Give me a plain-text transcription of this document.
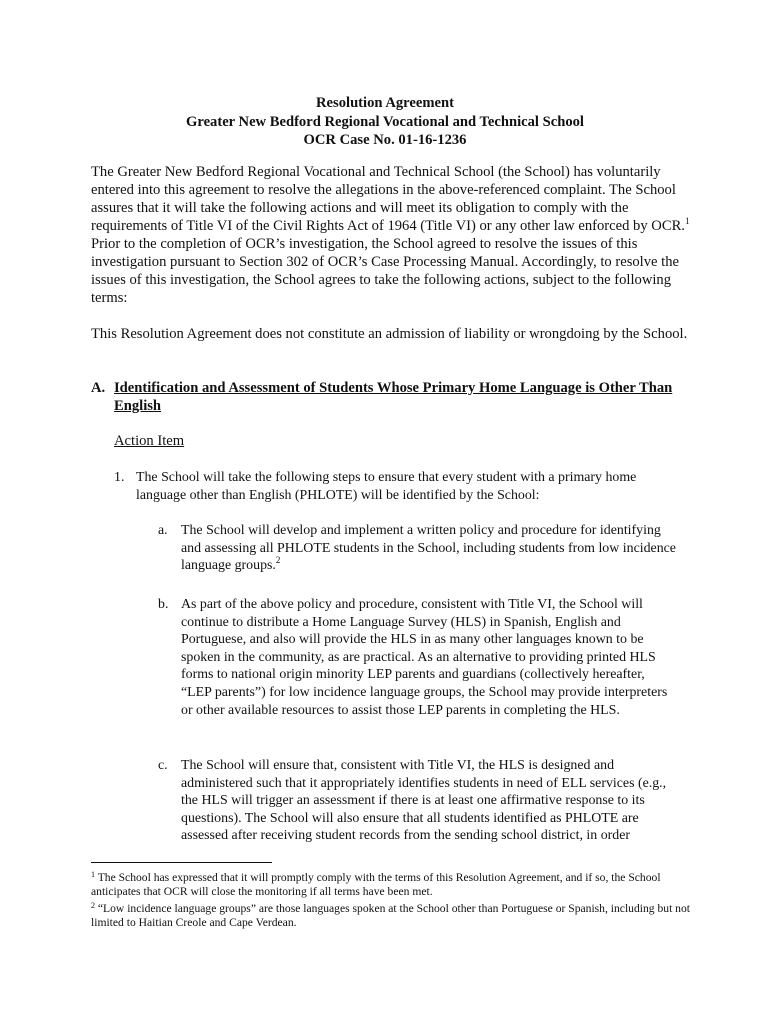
Resolution Agreement
Greater New Bedford Regional Vocational and Technical School
OCR Case No. 01-16-1236
The Greater New Bedford Regional Vocational and Technical School (the School) has voluntarily entered into this agreement to resolve the allegations in the above-referenced complaint. The School assures that it will take the following actions and will meet its obligation to comply with the requirements of Title VI of the Civil Rights Act of 1964 (Title VI) or any other law enforced by OCR.$^1$ Prior to the completion of OCR’s investigation, the School agreed to resolve the issues of this investigation pursuant to Section 302 of OCR’s Case Processing Manual. Accordingly, to resolve the issues of this investigation, the School agrees to take the following actions, subject to the following terms:
This Resolution Agreement does not constitute an admission of liability or wrongdoing by the School.
A. Identification and Assessment of Students Whose Primary Home Language is Other Than English
Action Item
1. The School will take the following steps to ensure that every student with a primary home language other than English (PHLOTE) will be identified by the School:
a. The School will develop and implement a written policy and procedure for identifying and assessing all PHLOTE students in the School, including students from low incidence language groups.$^2$
b. As part of the above policy and procedure, consistent with Title VI, the School will continue to distribute a Home Language Survey (HLS) in Spanish, English and Portuguese, and also will provide the HLS in as many other languages known to be spoken in the community, as are practical. As an alternative to providing printed HLS forms to national origin minority LEP parents and guardians (collectively hereafter, “LEP parents”) for low incidence language groups, the School may provide interpreters or other available resources to assist those LEP parents in completing the HLS.
c. The School will ensure that, consistent with Title VI, the HLS is designed and administered such that it appropriately identifies students in need of ELL services (e.g., the HLS will trigger an assessment if there is at least one affirmative response to its questions). The School will also ensure that all students identified as PHLOTE are assessed after receiving student records from the sending school district, in order

$^1$ The School has expressed that it will promptly comply with the terms of this Resolution Agreement, and if so, the School anticipates that OCR will close the monitoring if all terms have been met.

$^2$ “Low incidence language groups” are those languages spoken at the School other than Portuguese or Spanish, including but not limited to Haitian Creole and Cape Verdean.
